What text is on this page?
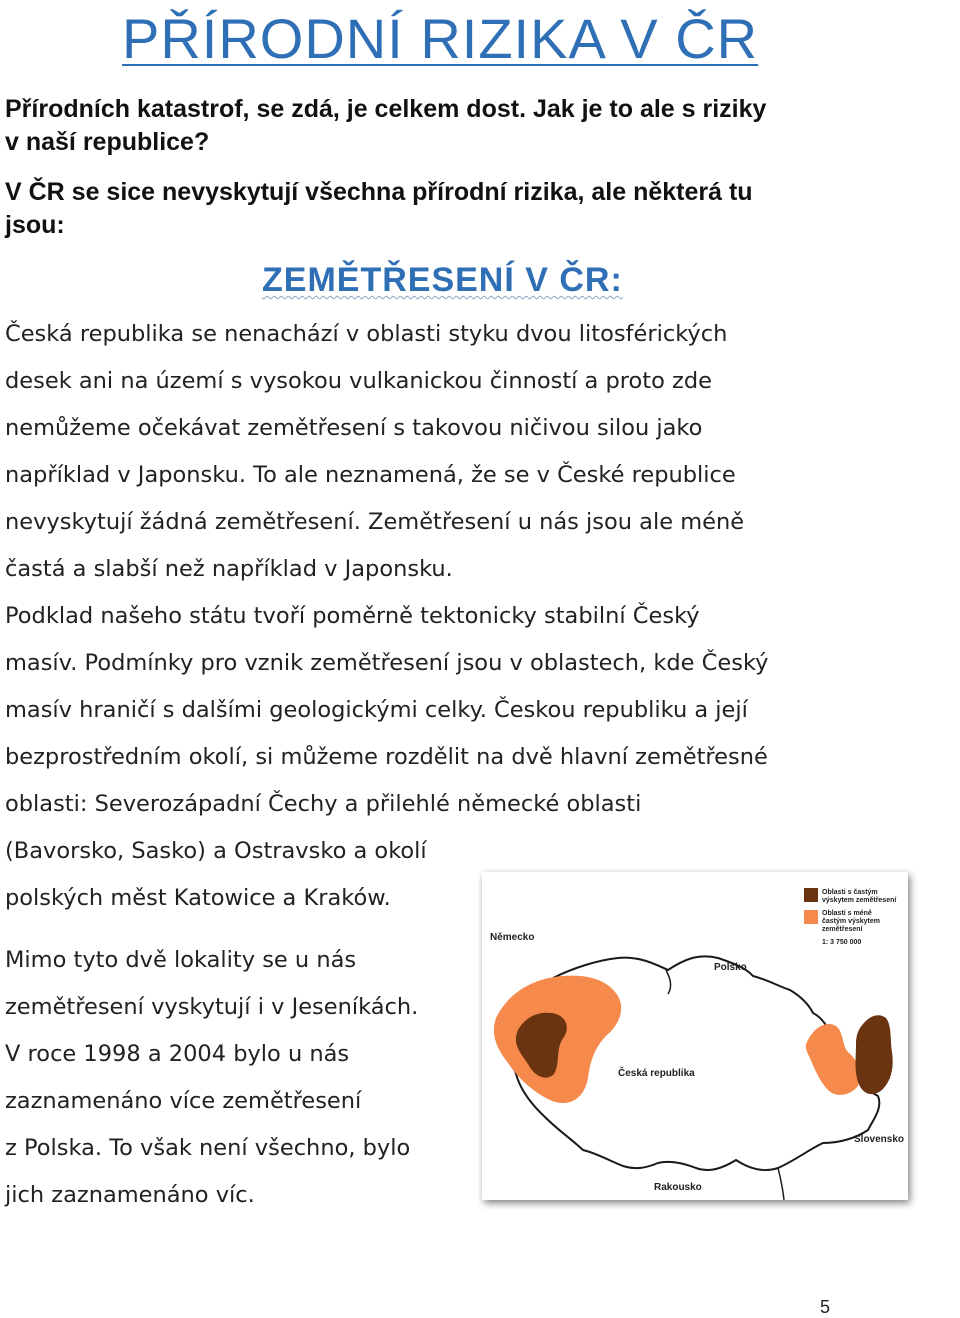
PŘÍRODNÍ RIZIKA V ČR
Přírodních katastrof, se zdá, je celkem dost. Jak je to ale s riziky
v naší republice?
V ČR se sice nevyskytují všechna přírodní rizika, ale některá tu
jsou:
ZEMĚTŘESENÍ V ČR:
Česká republika se nenachází v oblasti styku dvou litosférických
desek ani na území s vysokou vulkanickou činností a proto zde
nemůžeme očekávat zemětřesení s takovou ničivou silou jako
například v Japonsku. To ale neznamená, že se v České republice
nevyskytují žádná zemětřesení. Zemětřesení u nás jsou ale méně
častá a slabší než například v Japonsku.
Podklad našeho státu tvoří poměrně tektonicky stabilní Český
masív. Podmínky pro vznik zemětřesení jsou v oblastech, kde Český
masív hraničí s dalšími geologickými celky. Českou republiku a její
bezprostředním okolí, si můžeme rozdělit na dvě hlavní zemětřesné
oblasti: Severozápadní Čechy a přilehlé německé oblasti
(Bavorsko, Sasko) a Ostravsko a okolí
polských měst Katowice a Kraków.
Mimo tyto dvě lokality se u nás
zemětřesení vyskytují i v Jeseníkách.
V roce 1998 a 2004 bylo u nás
zaznamenáno více zemětřesení
z Polska. To však není všechno, bylo
jich zaznamenáno víc.
Oblasti s častým
výskytem zemětřesení
Oblasti s méně
častým výskytem
zemětřesení
1: 3 750 000
Německo
Polsko
Česká republika
Slovensko
Rakousko
5
